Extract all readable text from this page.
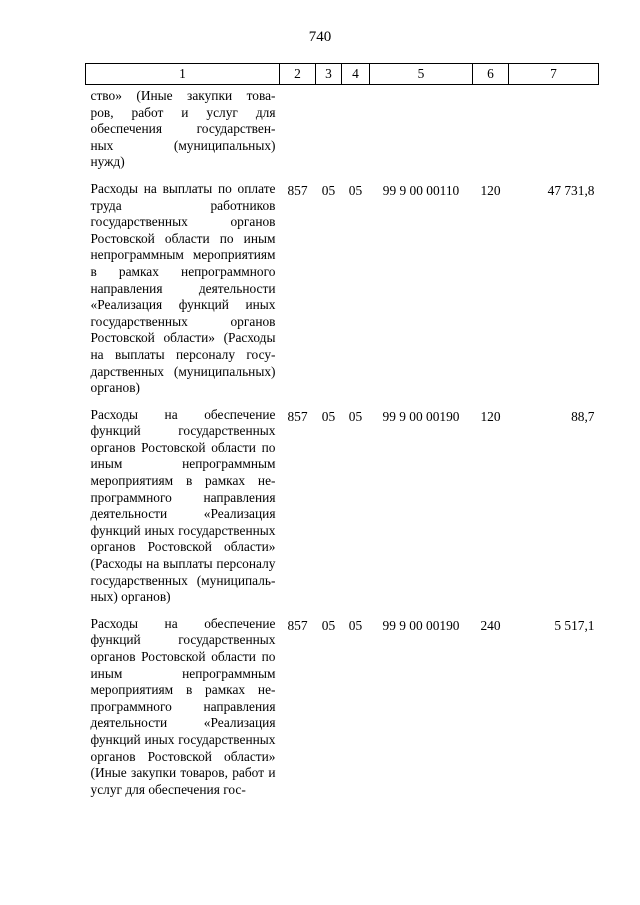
740
1	2	3	4	5	6	7

ство» (Иные закупки това-
ров, работ и услуг для
обеспечения государствен-
ных (муниципальных)
нужд)						

Расходы на выплаты по оплате труда работников государственных органов Ростовской области по иным непрограммным мероприятиям в рамках непрограммного направления деятельности «Реализация функций иных государственных органов Ростовской области» (Расходы на выплаты персоналу государственных (муниципальных) органов)	857	05	05	99 9 00 00110	120	47 731,8
Расходы на обеспечение функций государственных органов Ростовской области по иным непрограммным мероприятиям в рамках непрограммного направления деятельности «Реализация функций иных государственных органов Ростовской области» (Расходы на выплаты персоналу государственных (муниципальных) органов)	857	05	05	99 9 00 00190	120	88,7
Расходы на обеспечение функций государственных органов Ростовской области по иным непрограммным мероприятиям в рамках непрограммного направления деятельности «Реализация функций иных государственных органов Ростовской области» (Иные закупки товаров, работ и услуг для обеспечения гос-	857	05	05	99 9 00 00190	240	5 517,1
